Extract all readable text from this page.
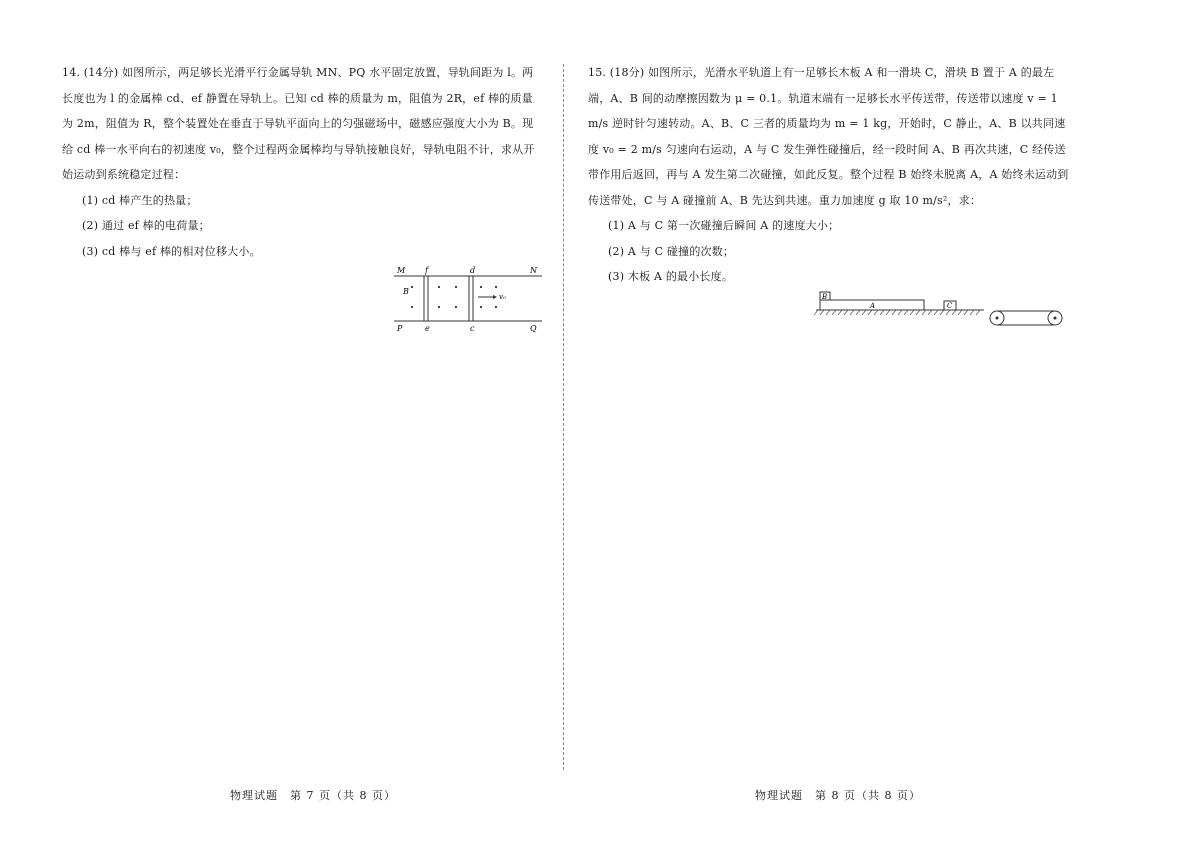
14. (14分) 如图所示，两足够长光滑平行金属导轨 MN、PQ 水平固定放置，导轨间距为 l。两长度也为 l 的金属棒 cd、ef 静置在导轨上。已知 cd 棒的质量为 m，阻值为 2R，ef 棒的质量为 2m，阻值为 R，整个装置处在垂直于导轨平面向上的匀强磁场中，磁感应强度大小为 B。现给 cd 棒一水平向右的初速度 v₀，整个过程两金属棒均与导轨接触良好，导轨电阻不计，求从开始运动到系统稳定过程：

(1) cd 棒产生的热量；

(2) 通过 ef 棒的电荷量；

(3) cd 棒与 ef 棒的相对位移大小。

M f	d	N
P	e	c	Q
B
v₀

15. (18分) 如图所示，光滑水平轨道上有一足够长木板 A 和一滑块 C，滑块 B 置于 A 的最左端，A、B 间的动摩擦因数为 μ = 0.1。轨道末端有一足够长水平传送带，传送带以速度 v = 1 m/s 逆时针匀速转动。A、B、C 三者的质量均为 m = 1 kg，开始时，C 静止，A、B 以共同速度 v₀ = 2 m/s 匀速向右运动，A 与 C 发生弹性碰撞后，经一段时间 A、B 再次共速，C 经传送带作用后返回，再与 A 发生第二次碰撞，如此反复。整个过程 B 始终未脱离 A，A 始终未运动到传送带处，C 与 A 碰撞前 A、B 先达到共速。重力加速度 g 取 10 m/s²，求：

(1) A 与 C 第一次碰撞后瞬间 A 的速度大小；

(2) A 与 C 碰撞的次数；

(3) 木板 A 的最小长度。

A
B
C
物理试题　第 7 页（共 8 页）	物理试题　第 8 页（共 8 页）
